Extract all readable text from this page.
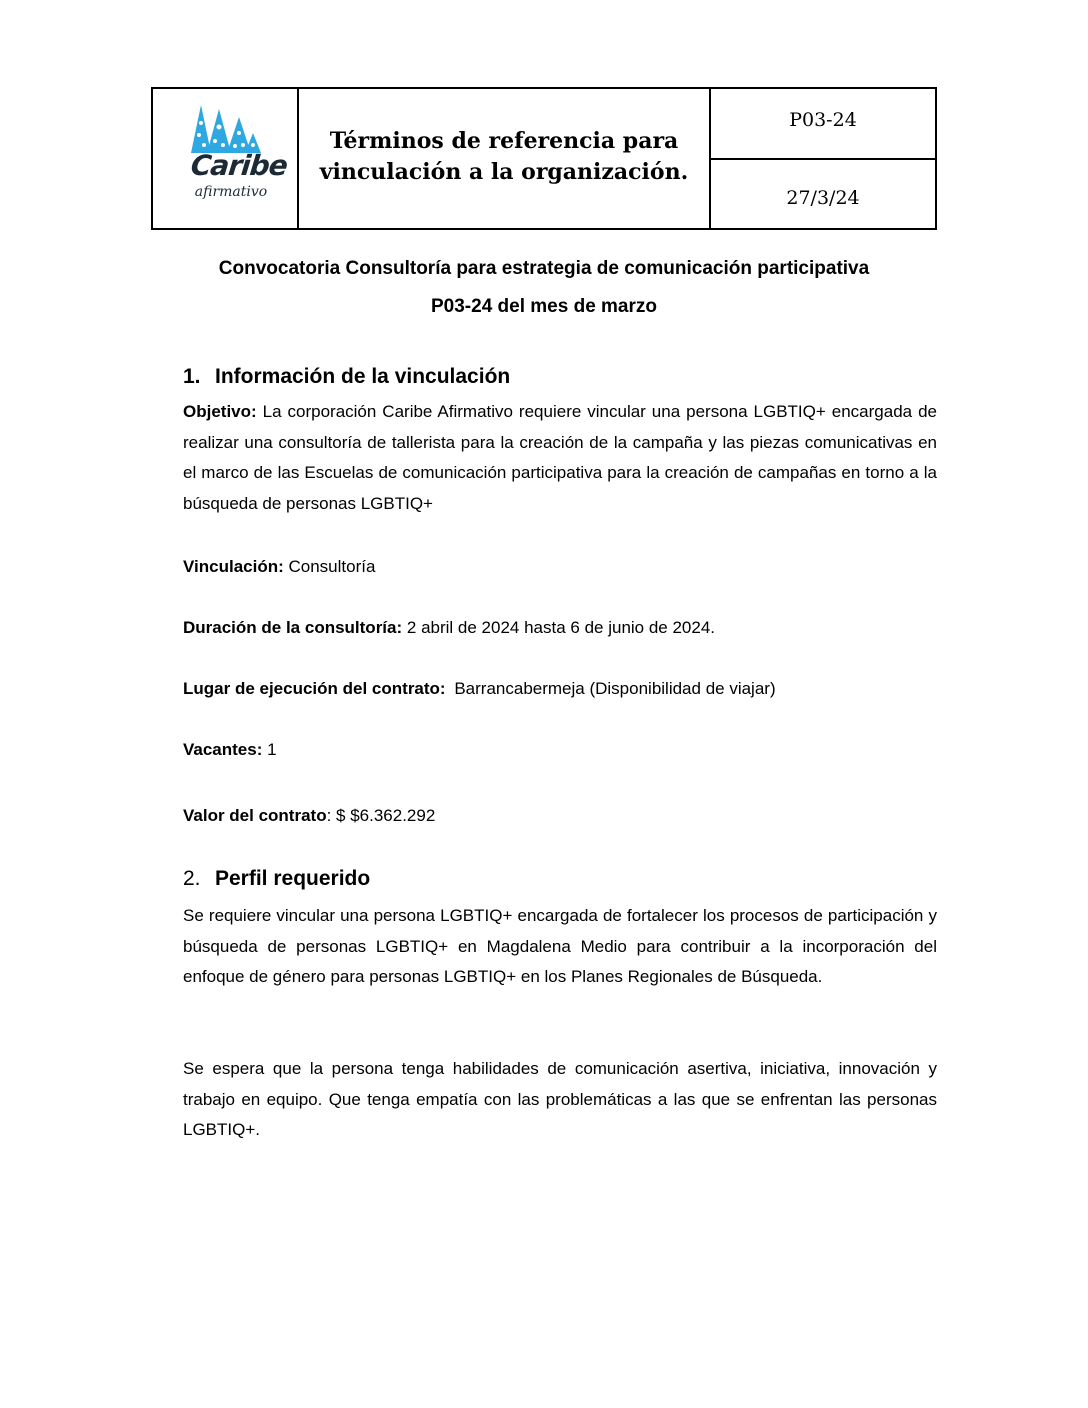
Caribe
afirmativo
Términos de referencia para
vinculación a la organización.
P03-24
27/3/24
Convocatoria Consultoría para estrategia de comunicación participativa
P03-24 del mes de marzo
1. Información de la vinculación
Objetivo: La corporación Caribe Afirmativo requiere vincular una persona LGBTIQ+ encargada de realizar una consultoría de tallerista para la creación de la campaña y las piezas comunicativas en el marco de las Escuelas de comunicación participativa para la creación de campañas en torno a la búsqueda de personas LGBTIQ+
Vinculación: Consultoría
Duración de la consultoría: 2 abril de 2024 hasta 6 de junio de 2024.
Lugar de ejecución del contrato: Barrancabermeja (Disponibilidad de viajar)
Vacantes: 1
Valor del contrato: $ $6.362.292
2. Perfil requerido
Se requiere vincular una persona LGBTIQ+ encargada de fortalecer los procesos de participación y búsqueda de personas LGBTIQ+ en Magdalena Medio para contribuir a la incorporación del enfoque de género para personas LGBTIQ+ en los Planes Regionales de Búsqueda.
Se espera que la persona tenga habilidades de comunicación asertiva, iniciativa, innovación y trabajo en equipo. Que tenga empatía con las problemáticas a las que se enfrentan las personas LGBTIQ+.
